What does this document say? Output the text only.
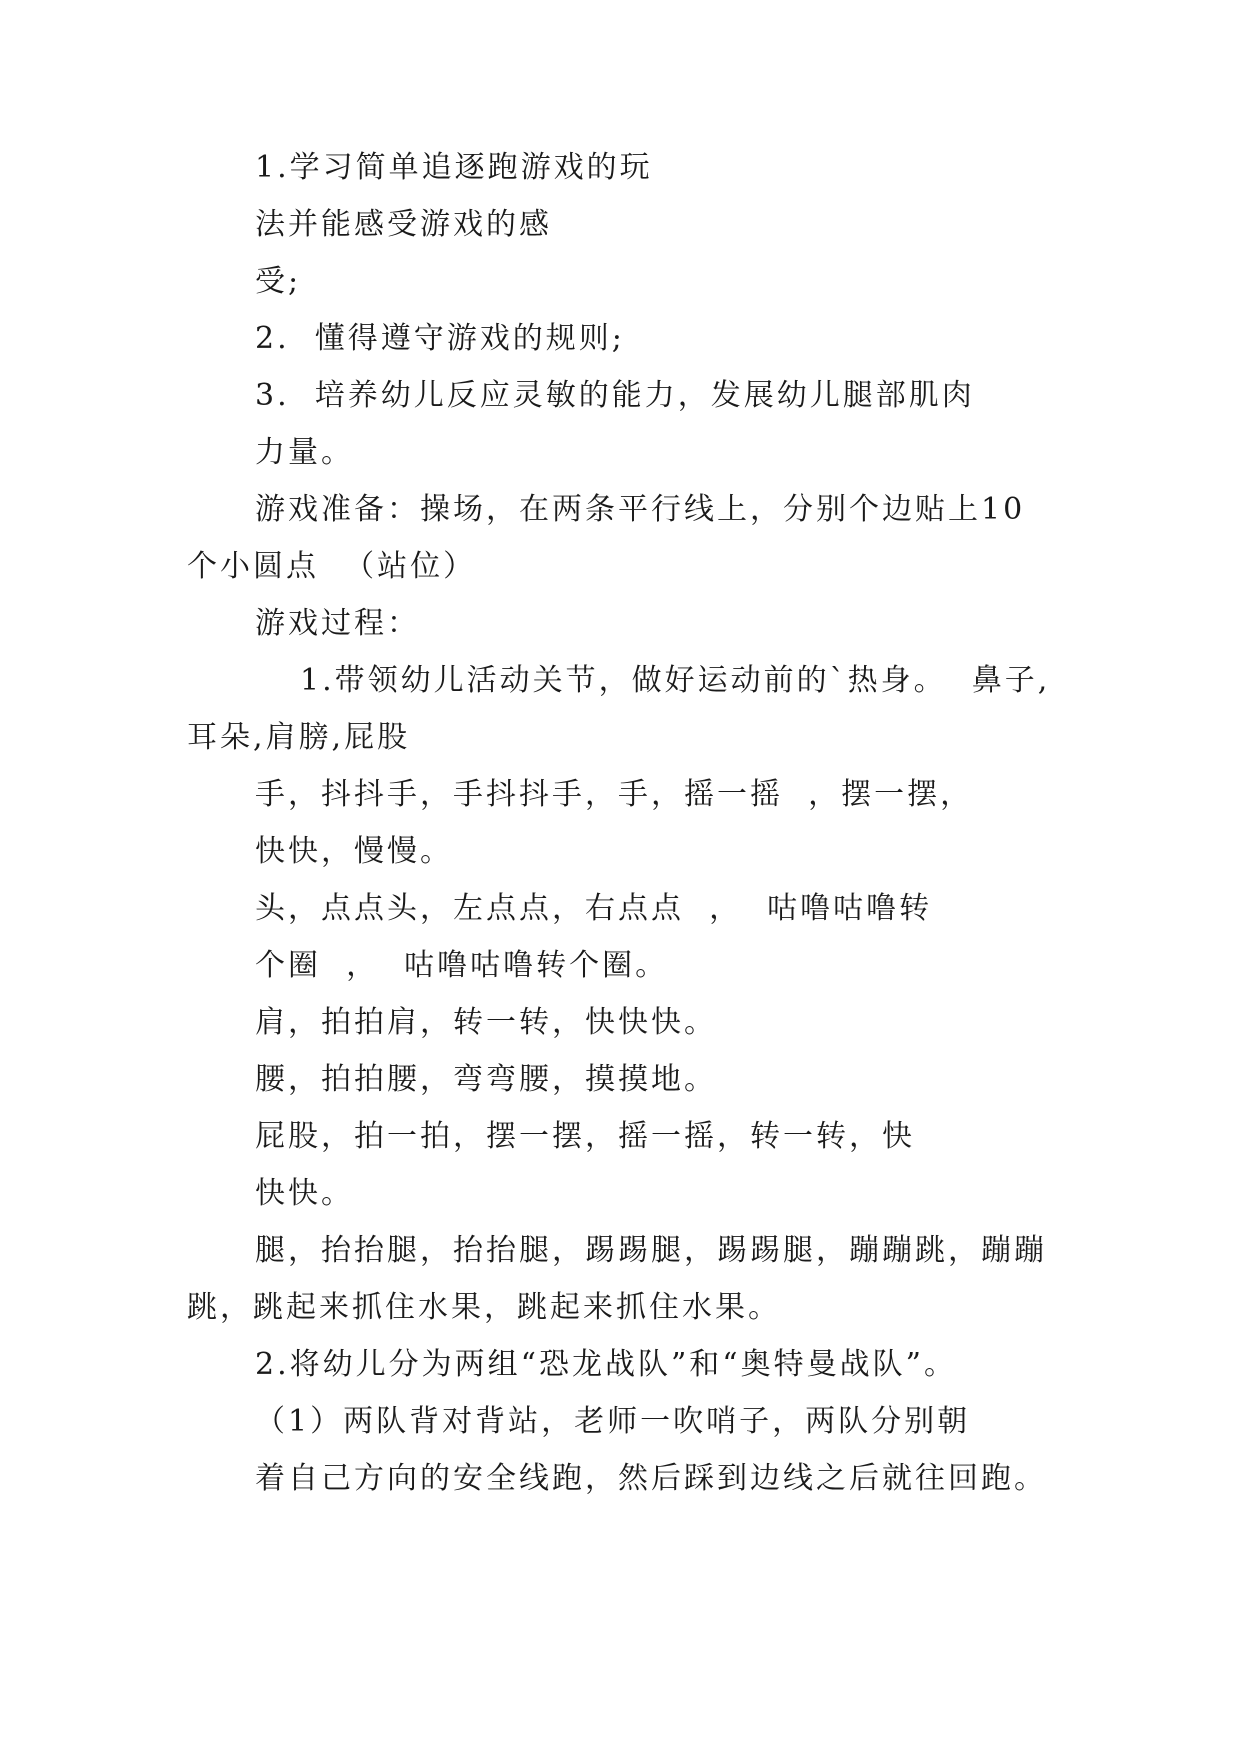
1.学习简单追逐跑游戏的玩
法并能感受游戏的感
受;
2.  懂得遵守游戏的规则;
3.  培养幼儿反应灵敏的能力，发展幼儿腿部肌肉
力量。
游戏准备：操场，在两条平行线上，分别个边贴上10
个小圆点  （站位）
游戏过程：
1.带领幼儿活动关节，做好运动前的`热身。  鼻子,
耳朵,肩膀,屁股
手，抖抖手，手抖抖手，手，摇一摇  ，摆一摆，
快快，慢慢。
头，点点头，左点点，右点点  ，  咕噜咕噜转
个圈  ，  咕噜咕噜转个圈。
肩，拍拍肩，转一转，快快快。
腰，拍拍腰，弯弯腰，摸摸地。
屁股，拍一拍，摆一摆，摇一摇，转一转，快
快快。
腿，抬抬腿，抬抬腿，踢踢腿，踢踢腿，蹦蹦跳，蹦蹦
跳，跳起来抓住水果，跳起来抓住水果。
2.将幼儿分为两组“恐龙战队”和“奥特曼战队”。
（1）两队背对背站，老师一吹哨子，两队分别朝
着自己方向的安全线跑，然后踩到边线之后就往回跑。
